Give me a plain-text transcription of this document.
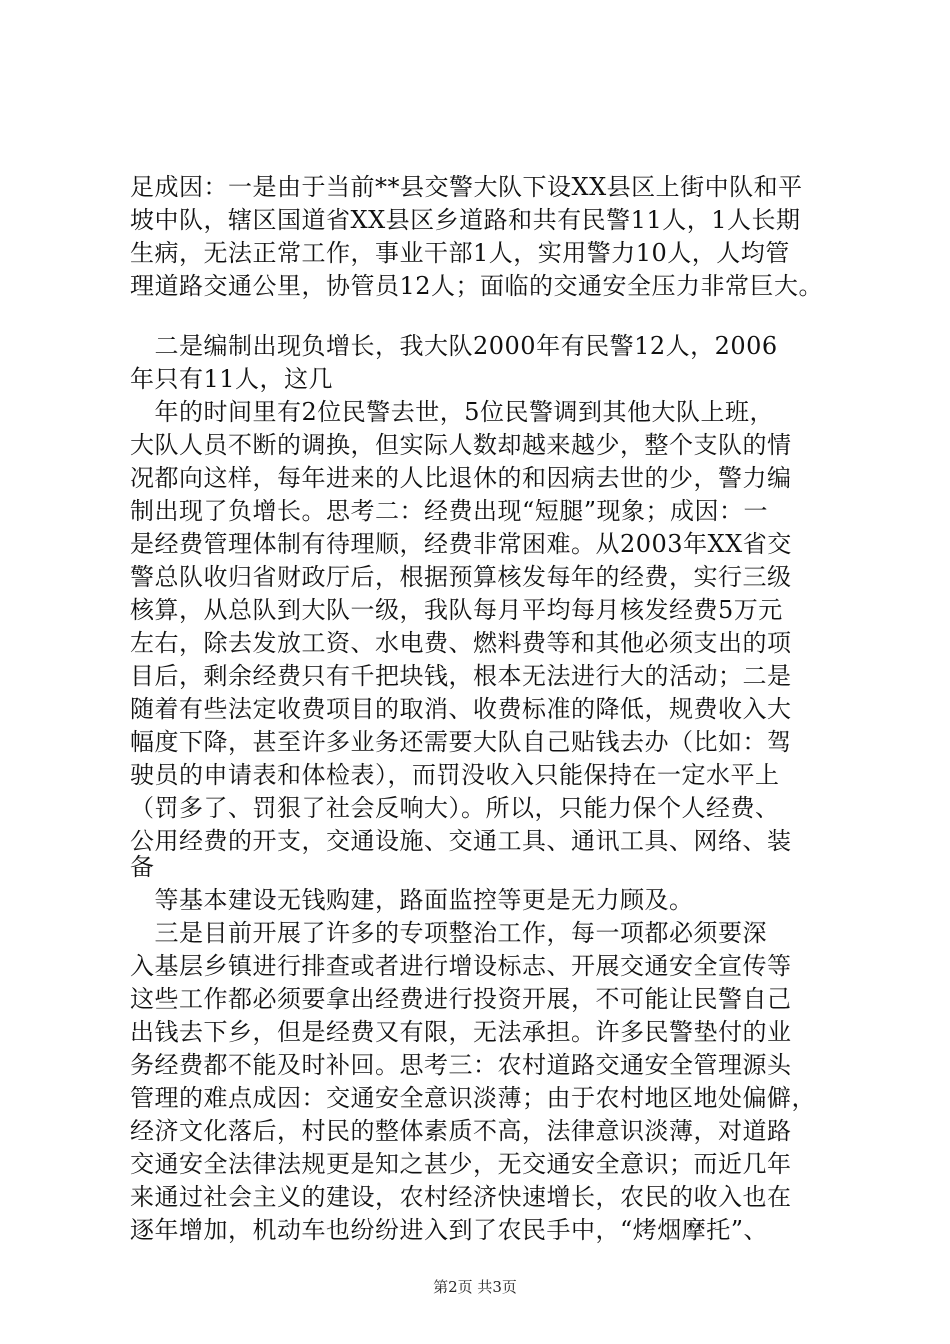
足成因：一是由于当前**县交警大队下设XX县区上街中队和平
坡中队，辖区国道省XX县区乡道路和共有民警11人，1人长期
生病，无法正常工作，事业干部1人，实用警力10人，人均管
理道路交通公里，协管员12人；面临的交通安全压力非常巨大。
　二是编制出现负增长，我大队2000年有民警12人，2006
年只有11人，这几
　年的时间里有2位民警去世，5位民警调到其他大队上班，
大队人员不断的调换，但实际人数却越来越少，整个支队的情
况都向这样，每年进来的人比退休的和因病去世的少，警力编
制出现了负增长。思考二：经费出现“短腿”现象；成因：一
是经费管理体制有待理顺，经费非常困难。从2003年XX省交
警总队收归省财政厅后，根据预算核发每年的经费，实行三级
核算，从总队到大队一级，我队每月平均每月核发经费5万元
左右，除去发放工资、水电费、燃料费等和其他必须支出的项
目后，剩余经费只有千把块钱，根本无法进行大的活动；二是
随着有些法定收费项目的取消、收费标准的降低，规费收入大
幅度下降，甚至许多业务还需要大队自己贴钱去办（比如：驾
驶员的申请表和体检表），而罚没收入只能保持在一定水平上
（罚多了、罚狠了社会反响大）。所以，只能力保个人经费、
公用经费的开支，交通设施、交通工具、通讯工具、网络、装
备
　等基本建设无钱购建，路面监控等更是无力顾及。
　三是目前开展了许多的专项整治工作，每一项都必须要深
入基层乡镇进行排查或者进行增设标志、开展交通安全宣传等
这些工作都必须要拿出经费进行投资开展，不可能让民警自己
出钱去下乡，但是经费又有限，无法承担。许多民警垫付的业
务经费都不能及时补回。思考三：农村道路交通安全管理源头
管理的难点成因：交通安全意识淡薄；由于农村地区地处偏僻，
经济文化落后，村民的整体素质不高，法律意识淡薄，对道路
交通安全法律法规更是知之甚少，无交通安全意识；而近几年
来通过社会主义的建设，农村经济快速增长，农民的收入也在
逐年增加，机动车也纷纷进入到了农民手中，“烤烟摩托”、
第2页 共3页
